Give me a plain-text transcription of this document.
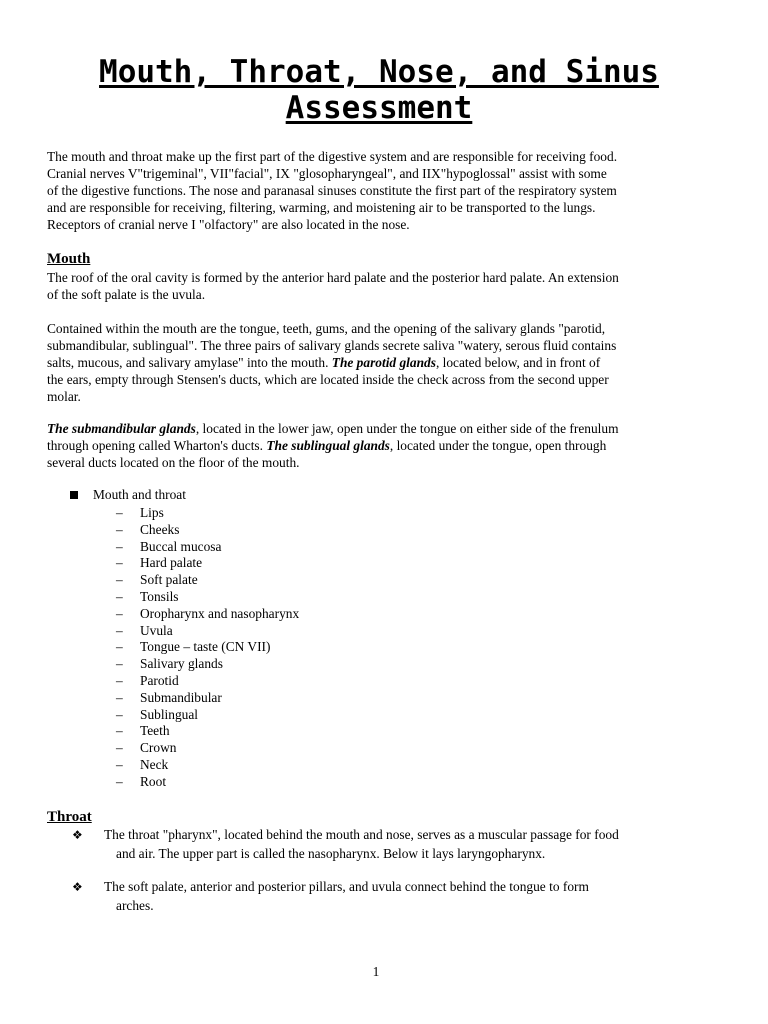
Mouth, Throat, Nose, and Sinus
Assessment

The mouth and throat make up the first part of the digestive system and are responsible for receiving food.
Cranial nerves V"trigeminal", VII"facial", IX "glosopharyngeal", and IIX"hypoglossal" assist with some
of the digestive functions. The nose and paranasal sinuses constitute the first part of the respiratory system
and are responsible for receiving, filtering, warming, and moistening air to be transported to the lungs.
Receptors of cranial nerve I "olfactory" are also located in the nose.

Mouth

The roof of the oral cavity is formed by the anterior hard palate and the posterior hard palate. An extension
of the soft palate is the uvula.

Contained within the mouth are the tongue, teeth, gums, and the opening of the salivary glands "parotid,
submandibular, sublingual". The three pairs of salivary glands secrete saliva "watery, serous fluid contains
salts, mucous, and salivary amylase" into the mouth. The parotid glands, located below, and in front of
the ears, empty through Stensen's ducts, which are located inside the check across from the second upper
molar.

The submandibular glands, located in the lower jaw, open under the tongue on either side of the frenulum
through opening called Wharton's ducts. The sublingual glands, located under the tongue, open through
several ducts located on the floor of the mouth.

Mouth and throat
– Lips
– Cheeks
– Buccal mucosa
– Hard palate
– Soft palate
– Tonsils
– Oropharynx and nasopharynx
– Uvula
– Tongue – taste (CN VII)
– Salivary glands
– Parotid
– Submandibular
– Sublingual
– Teeth
– Crown
– Neck
– Root
Throat
❖ The throat "pharynx", located behind the mouth and nose, serves as a muscular passage for food
and air. The upper part is called the nasopharynx. Below it lays laryngopharynx.
❖ The soft palate, anterior and posterior pillars, and uvula connect behind the tongue to form
arches.
1
